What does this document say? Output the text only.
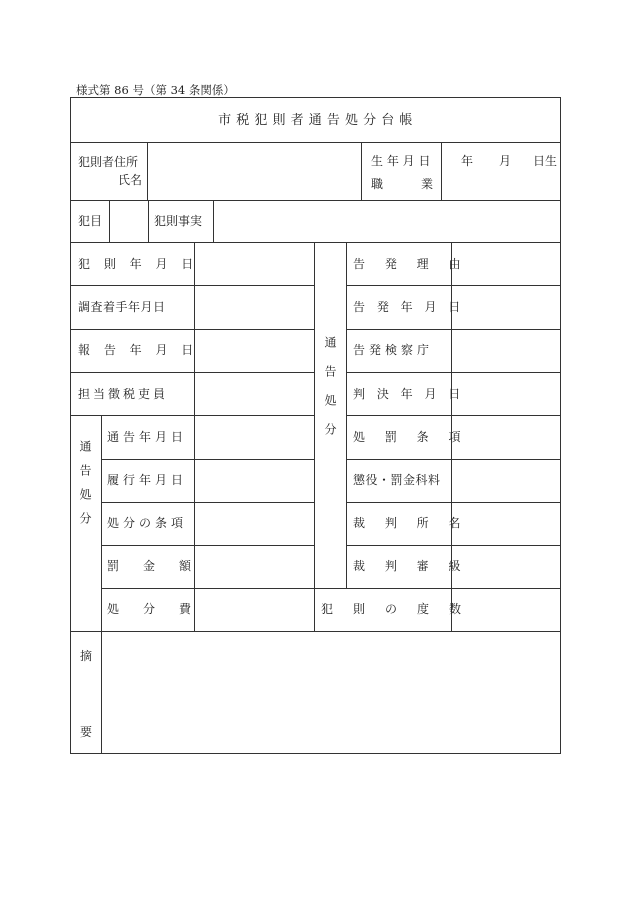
様式第 86 号（第 34 条関係）
市 税 犯 則 者 通 告 処 分 台 帳
犯則者住所
氏名
生 年 月 日
職	業
年 月 日生
犯目	犯則事実
犯 則 年 月 日
調査着手年月日
報 告 年 月 日
担当徴税吏員
通告処分
通告年月日
履行年月日
処分の条項
罰　金　額
処　分　費
通告処分
告 発 理 由
告 発 年 月 日
告発検察庁
判 決 年 月 日
処 罰 条 項
懲役・罰金科料
裁 判 所 名
裁 判 審 級
犯　則　の　度　数
摘
要
